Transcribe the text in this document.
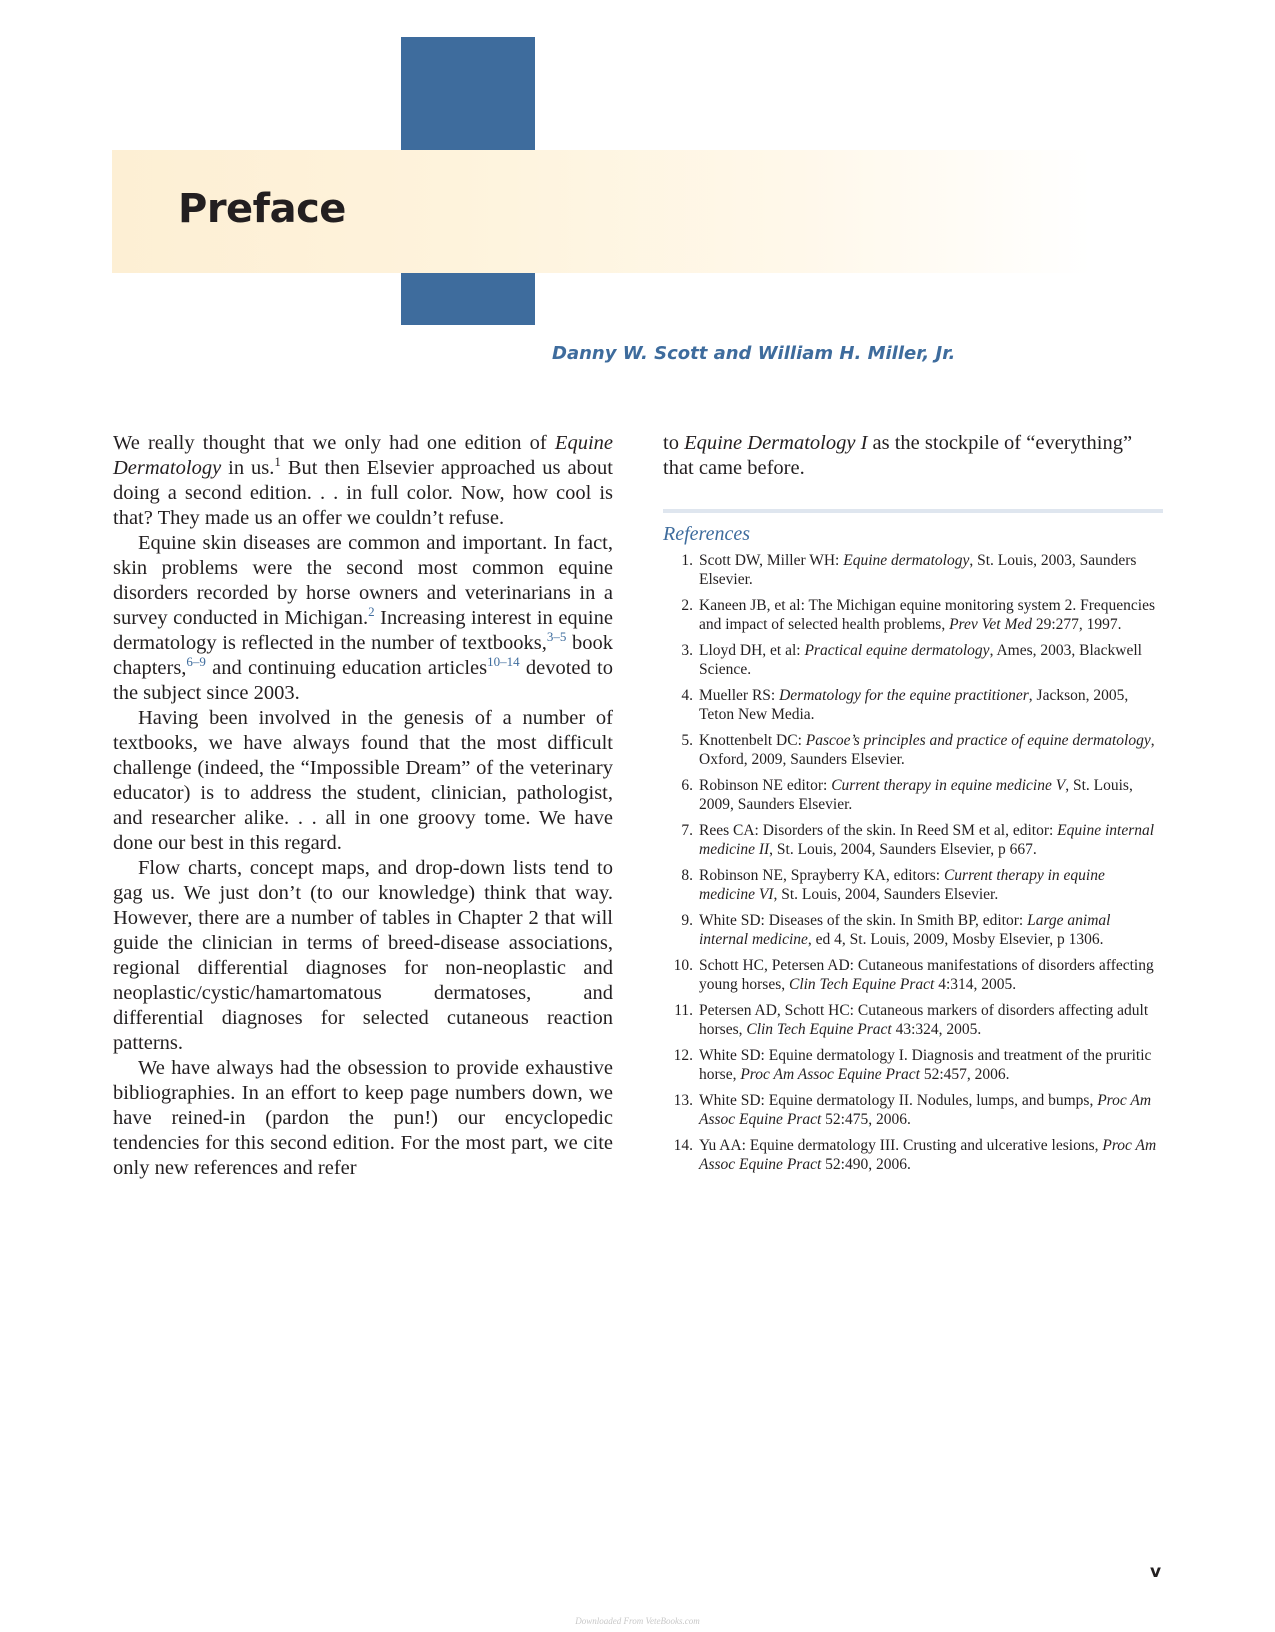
Preface
Danny W. Scott and William H. Miller, Jr.

We really thought that we only had one edition of Equine Dermatology in us.$^1$ But then Elsevier approached us about doing a second edition. . . in full color. Now, how cool is that? They made us an offer we couldn’t refuse.

Equine skin diseases are common and important. In fact, skin problems were the second most common equine disorders recorded by horse owners and veterinarians in a survey conducted in Michigan.$^2$ Increasing interest in equine dermatology is reflected in the number of textbooks,$^{3-5}$ book chapters,$^{6-9}$ and continuing education articles$^{10-14}$ devoted to the subject since 2003.

Having been involved in the genesis of a number of textbooks, we have always found that the most difficult challenge (indeed, the “Impossible Dream” of the veterinary educator) is to address the student, clinician, pathologist, and researcher alike. . . all in one groovy tome. We have done our best in this regard.

Flow charts, concept maps, and drop-down lists tend to gag us. We just don’t (to our knowledge) think that way. However, there are a number of tables in Chapter 2 that will guide the clinician in terms of breed-disease associations, regional differential diagnoses for non-neoplastic and neoplastic/cystic/hamartomatous dermatoses, and differential diagnoses for selected cutaneous reaction patterns.

We have always had the obsession to provide exhaustive bibliographies. In an effort to keep page numbers down, we have reined-in (pardon the pun!) our encyclopedic tendencies for this second edition. For the most part, we cite only new references and refer

to Equine Dermatology I as the stockpile of “everything” that came before.

References
1. Scott DW, Miller WH: Equine dermatology, St. Louis, 2003, Saunders Elsevier.
2. Kaneen JB, et al: The Michigan equine monitoring system 2. Frequencies and impact of selected health problems, Prev Vet Med 29:277, 1997.
3. Lloyd DH, et al: Practical equine dermatology, Ames, 2003, Blackwell Science.
4. Mueller RS: Dermatology for the equine practitioner, Jackson, 2005, Teton New Media.
5. Knottenbelt DC: Pascoe’s principles and practice of equine dermatology, Oxford, 2009, Saunders Elsevier.
6. Robinson NE editor: Current therapy in equine medicine V, St. Louis, 2009, Saunders Elsevier.
7. Rees CA: Disorders of the skin. In Reed SM et al, editor: Equine internal medicine II, St. Louis, 2004, Saunders Elsevier, p 667.
8. Robinson NE, Sprayberry KA, editors: Current therapy in equine medicine VI, St. Louis, 2004, Saunders Elsevier.
9. White SD: Diseases of the skin. In Smith BP, editor: Large animal internal medicine, ed 4, St. Louis, 2009, Mosby Elsevier, p 1306.
10. Schott HC, Petersen AD: Cutaneous manifestations of disorders affecting young horses, Clin Tech Equine Pract 4:314, 2005.
11. Petersen AD, Schott HC: Cutaneous markers of disorders affecting adult horses, Clin Tech Equine Pract 43:324, 2005.
12. White SD: Equine dermatology I. Diagnosis and treatment of the pruritic horse, Proc Am Assoc Equine Pract 52:457, 2006.
13. White SD: Equine dermatology II. Nodules, lumps, and bumps, Proc Am Assoc Equine Pract 52:475, 2006.
14. Yu AA: Equine dermatology III. Crusting and ulcerative lesions, Proc Am Assoc Equine Pract 52:490, 2006.
v
Downloaded From VeteBooks.com
